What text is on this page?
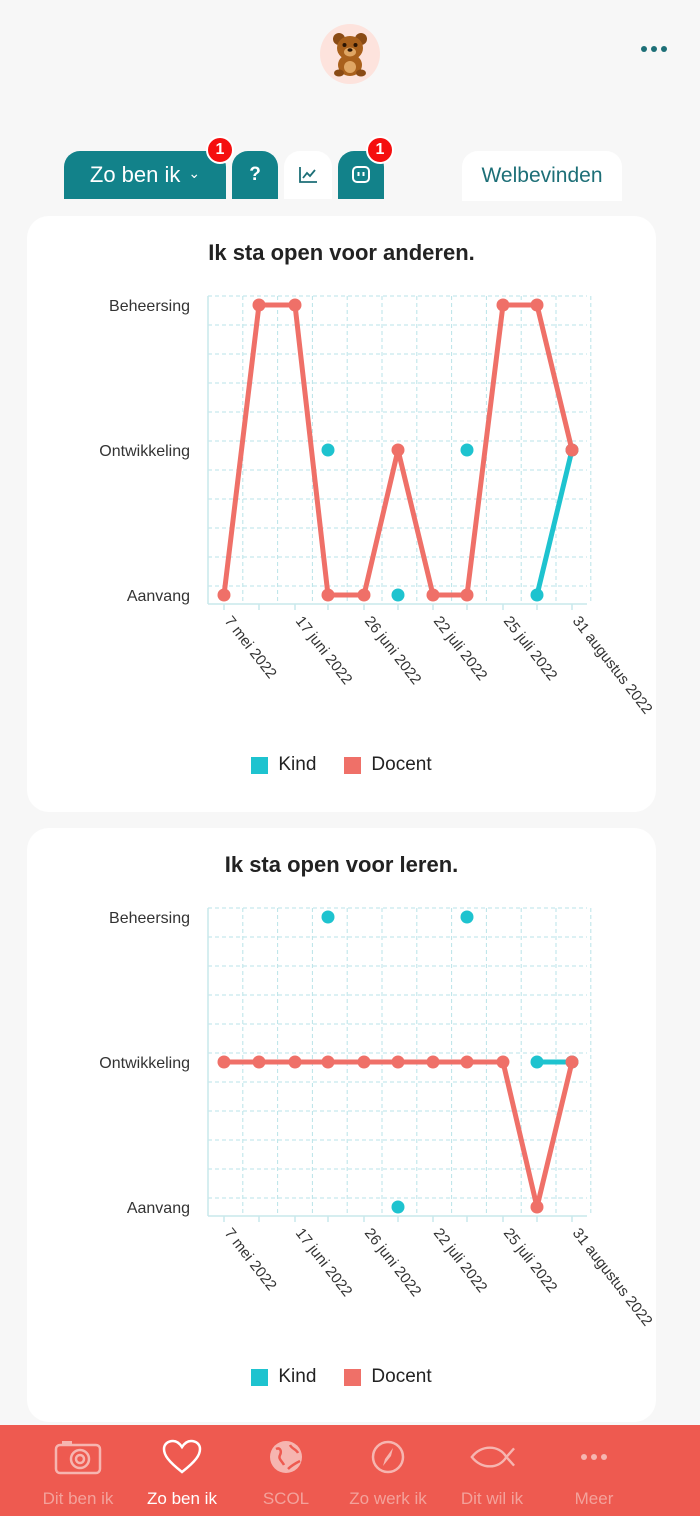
Zo ben ik ⌄	?	Welbevinden
1	1
Ik sta open voor anderen.
Aanvang
Ontwikkeling
Beheersing
7 mei 2022 17 juni 2022 26 juni 2022 22 juli 2022 25 juli 2022 31 augustus 2022
Kind	Docent
Ik sta open voor leren.
Aanvang
Ontwikkeling
Beheersing
7 mei 2022 17 juni 2022 26 juni 2022 22 juli 2022 25 juli 2022 31 augustus 2022
Kind	Docent
Dit ben ik Zo ben ik	SCOL Zo werk ik Dit wil ik	Meer
